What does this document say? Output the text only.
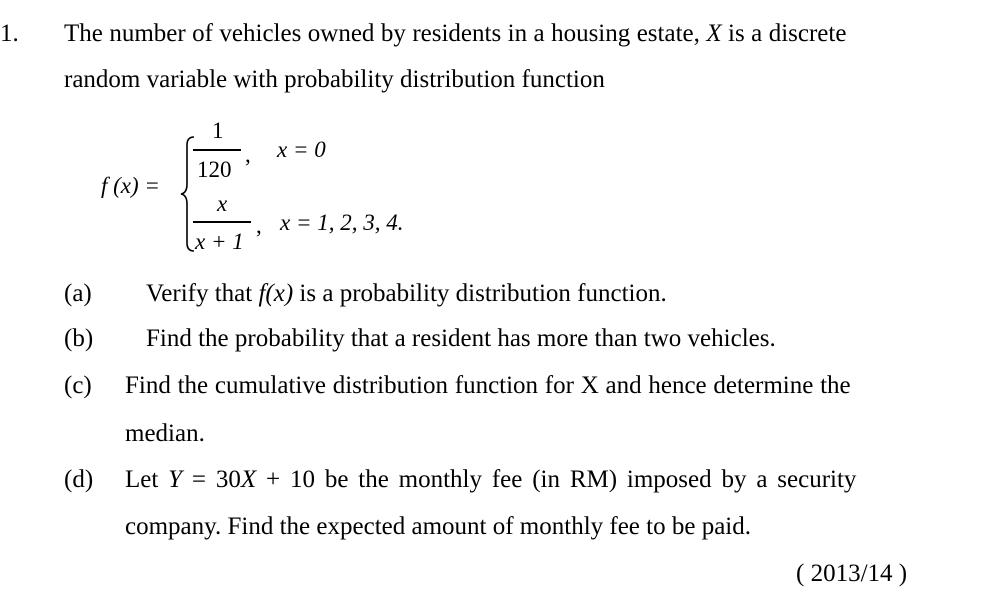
1. The number of vehicles owned by residents in a housing estate, X is a discrete
random variable with probability distribution function
f (x) =
1
120
, x = 0
x
x + 1
, x = 1, 2, 3, 4.
(a) Verify that f(x) is a probability distribution function.
(b) Find the probability that a resident has more than two vehicles.
(c) Find the cumulative distribution function for X and hence determine the
median.
(d) Let Y = 30X + 10 be the monthly fee (in RM) imposed by a security
company. Find the expected amount of monthly fee to be paid.
( 2013/14 )
